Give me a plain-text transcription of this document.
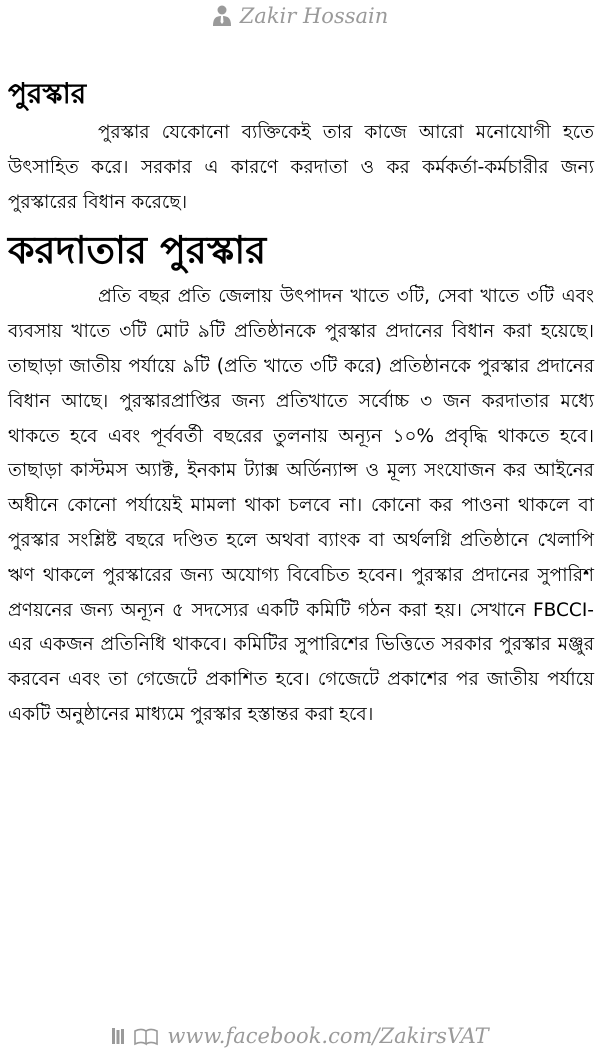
Zakir Hossain
পুরস্কার

পুরস্কার যেকোনো ব্যক্তিকেই তার কাজে আরো মনোযোগী হতে উৎসাহিত করে। সরকার এ কারণে করদাতা ও কর কর্মকর্তা-কর্মচারীর জন্য পুরস্কারের বিধান করেছে।

করদাতার পুরস্কার

প্রতি বছর প্রতি জেলায় উৎপাদন খাতে ৩টি, সেবা খাতে ৩টি এবং ব্যবসায় খাতে ৩টি মোট ৯টি প্রতিষ্ঠানকে পুরস্কার প্রদানের বিধান করা হয়েছে। তাছাড়া জাতীয় পর্যায়ে ৯টি (প্রতি খাতে ৩টি করে) প্রতিষ্ঠানকে পুরস্কার প্রদানের বিধান আছে। পুরস্কারপ্রাপ্তির জন্য প্রতিখাতে সর্বোচ্চ ৩ জন করদাতার মধ্যে থাকতে হবে এবং পূর্ববর্তী বছরের তুলনায় অন্যূন ১০% প্রবৃদ্ধি থাকতে হবে। তাছাড়া কাস্টমস অ্যাক্ট, ইনকাম ট্যাক্স অর্ডিন্যান্স ও মূল্য সংযোজন কর আইনের অধীনে কোনো পর্যায়েই মামলা থাকা চলবে না। কোনো কর পাওনা থাকলে বা পুরস্কার সংশ্লিষ্ট বছরে দণ্ডিত হলে অথবা ব্যাংক বা অর্থলগ্নি প্রতিষ্ঠানে খেলাপি ঋণ থাকলে পুরস্কারের জন্য অযোগ্য বিবেচিত হবেন। পুরস্কার প্রদানের সুপারিশ প্রণয়নের জন্য অন্যূন ৫ সদস্যের একটি কমিটি গঠন করা হয়। সেখানে FBCCI-এর একজন প্রতিনিধি থাকবে। কমিটির সুপারিশের ভিত্তিতে সরকার পুরস্কার মঞ্জুর করবেন এবং তা গেজেটে প্রকাশিত হবে। গেজেটে প্রকাশের পর জাতীয় পর্যায়ে একটি অনুষ্ঠানের মাধ্যমে পুরস্কার হস্তান্তর করা হবে।

www.facebook.com/ZakirsVAT
